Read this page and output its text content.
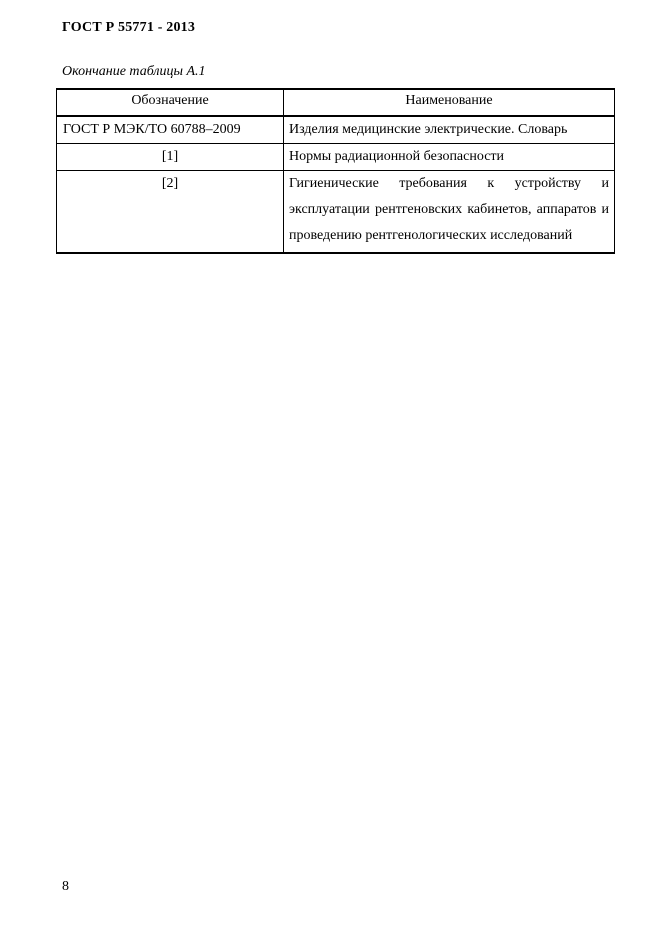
ГОСТ Р 55771 - 2013
Окончание таблицы А.1
Обозначение	Наименование
ГОСТ Р МЭК/ТО 60788–2009	Изделия медицинские электрические. Словарь
[1]	Нормы радиационной безопасности
[2]	Гигиенические требования к устройству и эксплуатации рентгеновских кабинетов, аппаратов и проведению рентгенологических исследований
8
